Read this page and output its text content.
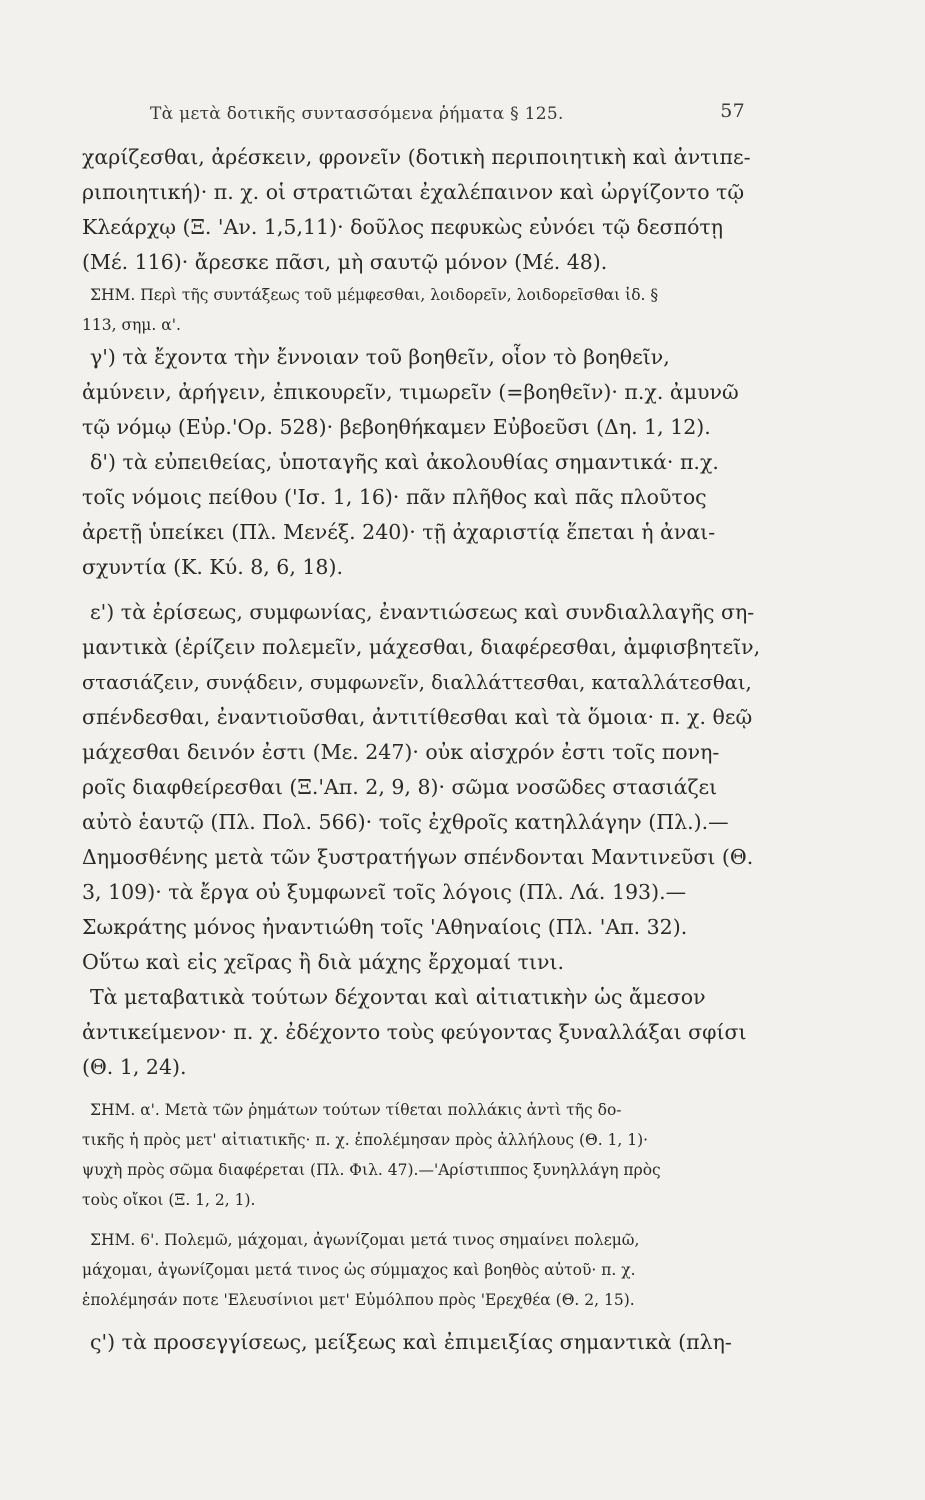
Τὰ μετὰ δοτικῆς συντασσόμενα ῥήματα § 125.	57
χαρίζεσθαι, ἀρέσκειν, φρονεῖν (δοτικὴ περιποιητικὴ καὶ ἀντιπε-
ριποιητική)· π. χ. οἱ στρατιῶται ἐχαλέπαινον καὶ ὠργίζοντο τῷ
Κλεάρχῳ (Ξ. 'Αν. 1,5,11)· δοῦλος πεφυκὼς εὐνόει τῷ δεσπότῃ
(Μέ. 116)· ἄρεσκε πᾶσι, μὴ σαυτῷ μόνον (Μέ. 48).
ΣΗΜ. Περὶ τῆς συντάξεως τοῦ μέμφεσθαι, λοιδορεῖν, λοιδορεῖσθαι ἰδ. §
113, σημ. α'.
γ') τὰ ἔχοντα τὴν ἔννοιαν τοῦ βοηθεῖν, οἷον τὸ βοηθεῖν,
ἀμύνειν, ἀρήγειν, ἐπικουρεῖν, τιμωρεῖν (=βοηθεῖν)· π.χ. ἀμυνῶ
τῷ νόμῳ (Εὐρ.'Ορ. 528)· βεβοηθήκαμεν Εὐβοεῦσι (Δη. 1, 12).
δ') τὰ εὐπειθείας, ὑποταγῆς καὶ ἀκολουθίας σημαντικά· π.χ.
τοῖς νόμοις πείθου ('Ισ. 1, 16)· πᾶν πλῆθος καὶ πᾶς πλοῦτος
ἀρετῇ ὑπείκει (Πλ. Μενέξ. 240)· τῇ ἀχαριστίᾳ ἕπεται ἡ ἀναι-
σχυντία (Κ. Κύ. 8, 6, 18).
ε') τὰ ἐρίσεως, συμφωνίας, ἐναντιώσεως καὶ συνδιαλλαγῆς ση-
μαντικὰ (ἐρίζειν πολεμεῖν, μάχεσθαι, διαφέρεσθαι, ἀμφισβητεῖν,
στασιάζειν, συνᾴδειν, συμφωνεῖν, διαλλάττεσθαι, καταλλάτεσθαι,
σπένδεσθαι, ἐναντιοῦσθαι, ἀντιτίθεσθαι καὶ τὰ ὅμοια· π. χ. θεῷ
μάχεσθαι δεινόν ἐστι (Με. 247)· οὐκ αἰσχρόν ἐστι τοῖς πονη-
ροῖς διαφθείρεσθαι (Ξ.'Απ. 2, 9, 8)· σῶμα νοσῶδες στασιάζει
αὐτὸ ἑαυτῷ (Πλ. Πολ. 566)· τοῖς ἐχθροῖς κατηλλάγην (Πλ.).—
Δημοσθένης μετὰ τῶν ξυστρατήγων σπένδονται Μαντινεῦσι (Θ.
3, 109)· τὰ ἔργα οὐ ξυμφωνεῖ τοῖς λόγοις (Πλ. Λά. 193).—
Σωκράτης μόνος ἠναντιώθη τοῖς 'Αθηναίοις (Πλ. 'Απ. 32).
Οὕτω καὶ εἰς χεῖρας ἢ διὰ μάχης ἔρχομαί τινι.
Τὰ μεταβατικὰ τούτων δέχονται καὶ αἰτιατικὴν ὡς ἄμεσον
ἀντικείμενον· π. χ. ἐδέχοντο τοὺς φεύγοντας ξυναλλάξαι σφίσι
(Θ. 1, 24).
ΣΗΜ. α'. Μετὰ τῶν ῥημάτων τούτων τίθεται πολλάκις ἀντὶ τῆς δο-
τικῆς ἡ πρὸς μετ' αἰτιατικῆς· π. χ. ἐπολέμησαν πρὸς ἀλλήλους (Θ. 1, 1)·
ψυχὴ πρὸς σῶμα διαφέρεται (Πλ. Φιλ. 47).—'Αρίστιππος ξυνηλλάγη πρὸς
τοὺς οἴκοι (Ξ. 1, 2, 1).
ΣΗΜ. 6'. Πολεμῶ, μάχομαι, ἀγωνίζομαι μετά τινος σημαίνει πολεμῶ,
μάχομαι, ἀγωνίζομαι μετά τινος ὡς σύμμαχος καὶ βοηθὸς αὐτοῦ· π. χ.
ἐπολέμησάν ποτε 'Ελευσίνιοι μετ' Εὐμόλπου πρὸς 'Ερεχθέα (Θ. 2, 15).
ς') τὰ προσεγγίσεως, μείξεως καὶ ἐπιμειξίας σημαντικὰ (πλη-
